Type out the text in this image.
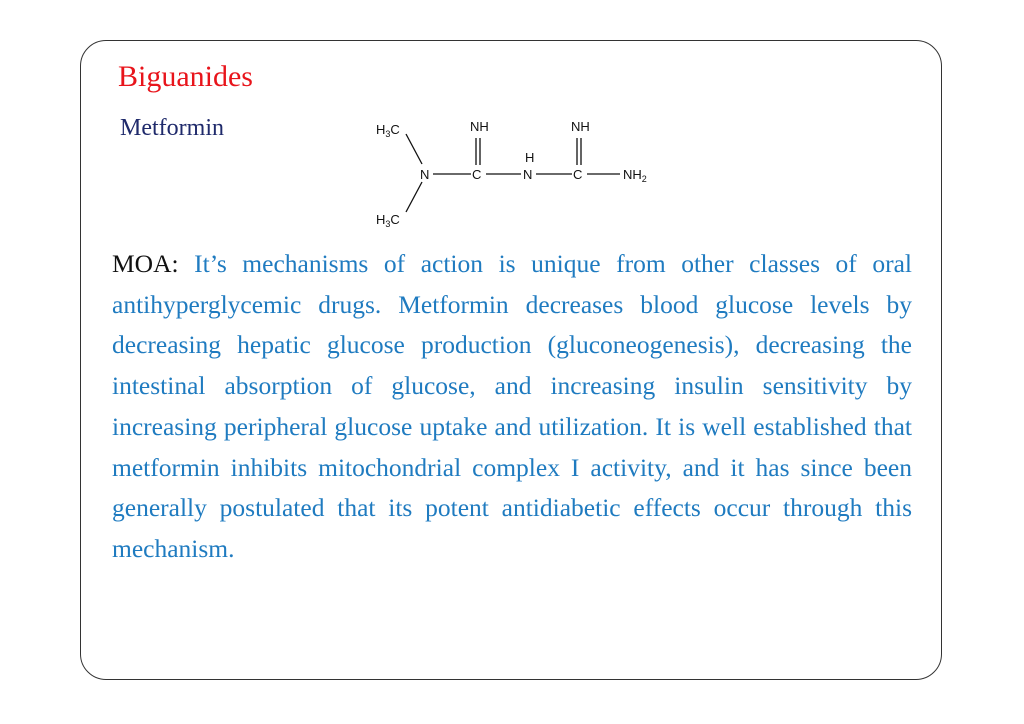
Biguanides
Metformin	$H_3C$
$H_3C$
N	C
NH
H
N	C
NH
$NH_2$
MOA: It’s mechanisms of action is unique from other classes of oral antihyperglycemic drugs. Metformin decreases blood glucose levels by decreasing hepatic glucose production (gluconeogenesis), decreasing the intestinal absorption of glucose, and increasing insulin sensitivity by increasing peripheral glucose uptake and utilization. It is well established that metformin inhibits mitochondrial complex I activity, and it has since been generally postulated that its potent antidiabetic effects occur through this mechanism.
